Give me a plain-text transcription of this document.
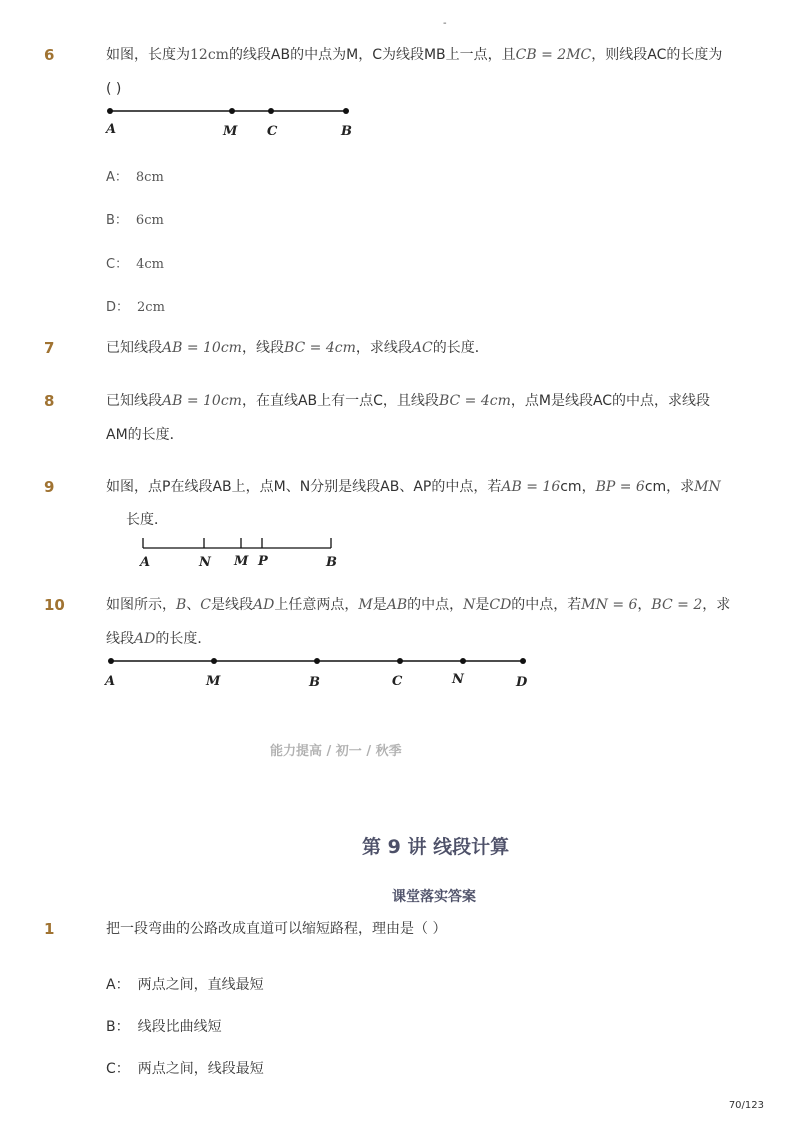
-
6	如图，长度为12cm的线段AB的中点为M，C为线段MB上一点，且CB = 2MC，则线段AC的长度为
( )
A	M C	B
A： 8cm
B： 6cm
C： 4cm
D： 2cm
7	已知线段AB = 10cm，线段BC = 4cm，求线段AC的长度．
8	已知线段AB = 10cm，在直线AB上有一点C，且线段BC = 4cm，点M是线段AC的中点，求线段
AM的长度．
9	如图，点P在线段AB上，点M、N分别是线段AB、AP的中点，若AB = 16cm，BP = 6cm，求MN
长度．
A	N M P	B
10	如图所示，B、C是线段AD上任意两点，M是AB的中点，N是CD的中点，若MN = 6，BC = 2，求
线段AD的长度．
A	M	B	C	N	D
能力提高 / 初一 / 秋季
第 9 讲 线段计算
课堂落实答案
1	把一段弯曲的公路改成直道可以缩短路程，理由是（ ）
A： 两点之间，直线最短
B： 线段比曲线短
C： 两点之间，线段最短
70/123
